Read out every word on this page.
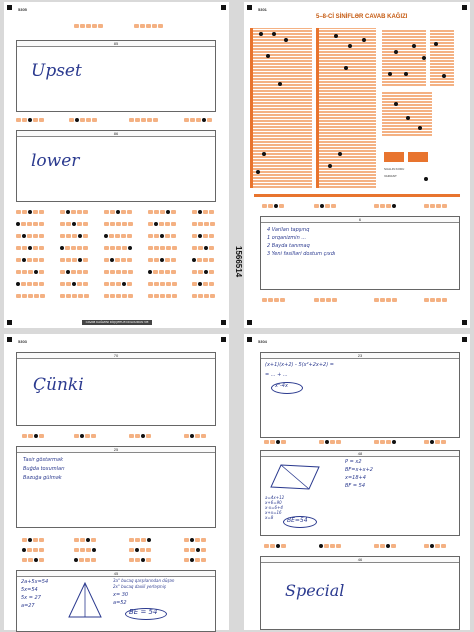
5305
85
Upset
86
lower
CAVAB KAĞIZINI DİQQƏTLƏ DOLDURUN VƏ QORUYUN
5301
5–8-Cİ SİNİFLƏR CAVAB KAĞIZI
SUALIN KODU
VARIANT
1566514
6
4 Varilan tapşırıq
1 orqanizmin ...
2 Bayda tanımaq
3 Yeni fəsilləri dostum çıxdı
5303
70
Çünki
25
Tasir göstərmək
Buğda toxumları
Bəzuğa gülmək
45
2a+5x=54
5x=54
5x = 27
a=27
3a° bucaq qarşılarından düşən
2x° bucaq daxili yerləşmiş
x= 30
a=52
BE = 54
5304
23
(x+1)(x+2) - 5(x²+2x+2) =
= ... + ...
x²-4x
48
P = x2
BF=x+x+2
x=18+4
BF = 54
a=4x+12
x+6=90
x-x=6+4
x+x=16
x=8 BE=54
46
Special
